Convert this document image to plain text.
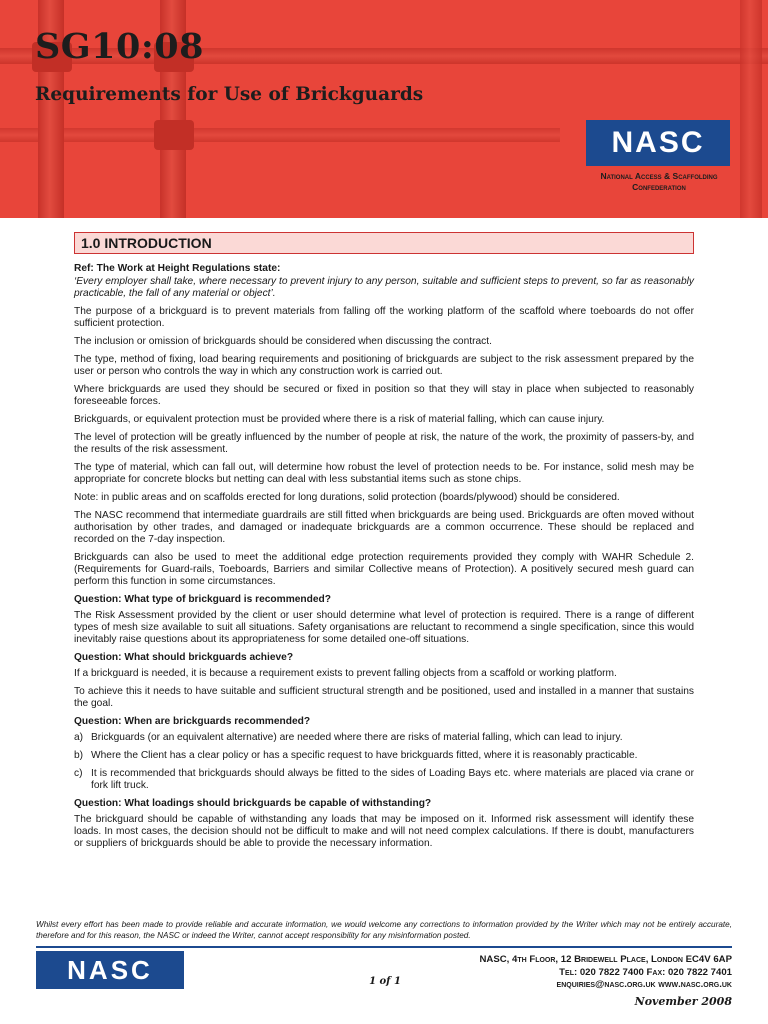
SG10:08
Requirements for Use of Brickguards
NASC
National Access & Scaffolding
Confederation
1.0 INTRODUCTION

Ref: The Work at Height Regulations state:

‘Every employer shall take, where necessary to prevent injury to any person, suitable and sufficient steps to prevent, so far as reasonably practicable, the fall of any material or object’.

The purpose of a brickguard is to prevent materials from falling off the working platform of the scaffold where toeboards do not offer sufficient protection.

The inclusion or omission of brickguards should be considered when discussing the contract.

The type, method of fixing, load bearing requirements and positioning of brickguards are subject to the risk assessment prepared by the user or person who controls the way in which any construction work is carried out.

Where brickguards are used they should be secured or fixed in position so that they will stay in place when subjected to reasonably foreseeable forces.

Brickguards, or equivalent protection must be provided where there is a risk of material falling, which can cause injury.

The level of protection will be greatly influenced by the number of people at risk, the nature of the work, the proximity of passers-by, and the results of the risk assessment.

The type of material, which can fall out, will determine how robust the level of protection needs to be. For instance, solid mesh may be appropriate for concrete blocks but netting can deal with less substantial items such as stone chips.

Note: in public areas and on scaffolds erected for long durations, solid protection (boards/plywood) should be considered.

The NASC recommend that intermediate guardrails are still fitted when brickguards are being used. Brickguards are often moved without authorisation by other trades, and damaged or inadequate brickguards are a common occurrence. These should be replaced and recorded on the 7-day inspection.

Brickguards can also be used to meet the additional edge protection requirements provided they comply with WAHR Schedule 2. (Requirements for Guard-rails, Toeboards, Barriers and similar Collective means of Protection). A positively secured mesh guard can perform this function in some circumstances.

Question: What type of brickguard is recommended?

The Risk Assessment provided by the client or user should determine what level of protection is required. There is a range of different types of mesh size available to suit all situations. Safety organisations are reluctant to recommend a single specification, since this would inevitably raise questions about its appropriateness for some detailed one-off situations.

Question: What should brickguards achieve?

If a brickguard is needed, it is because a requirement exists to prevent falling objects from a scaffold or working platform.

To achieve this it needs to have suitable and sufficient structural strength and be positioned, used and installed in a manner that sustains the goal.

Question: When are brickguards recommended?

a) Brickguards (or an equivalent alternative) are needed where there are risks of material falling, which can lead to injury.
b) Where the Client has a clear policy or has a specific request to have brickguards fitted, where it is reasonably practicable.
c) It is recommended that brickguards should always be fitted to the sides of Loading Bays etc. where materials are placed via crane or fork lift truck.

Question: What loadings should brickguards be capable of withstanding?

The brickguard should be capable of withstanding any loads that may be imposed on it. Informed risk assessment will identify these loads. In most cases, the decision should not be difficult to make and will not need complex calculations. If there is doubt, manufacturers or suppliers of brickguards should be able to provide the necessary information.

Whilst every effort has been made to provide reliable and accurate information, we would welcome any corrections to information provided by the Writer which may not be entirely accurate, therefore and for this reason, the NASC or indeed the Writer, cannot accept responsibility for any misinformation posted.
NASC	1 of 1
NASC, 4th Floor, 12 Bridewell Place, London EC4V 6AP
Tel: 020 7822 7400 Fax: 020 7822 7401
enquiries@nasc.org.uk www.nasc.org.uk
November 2008
